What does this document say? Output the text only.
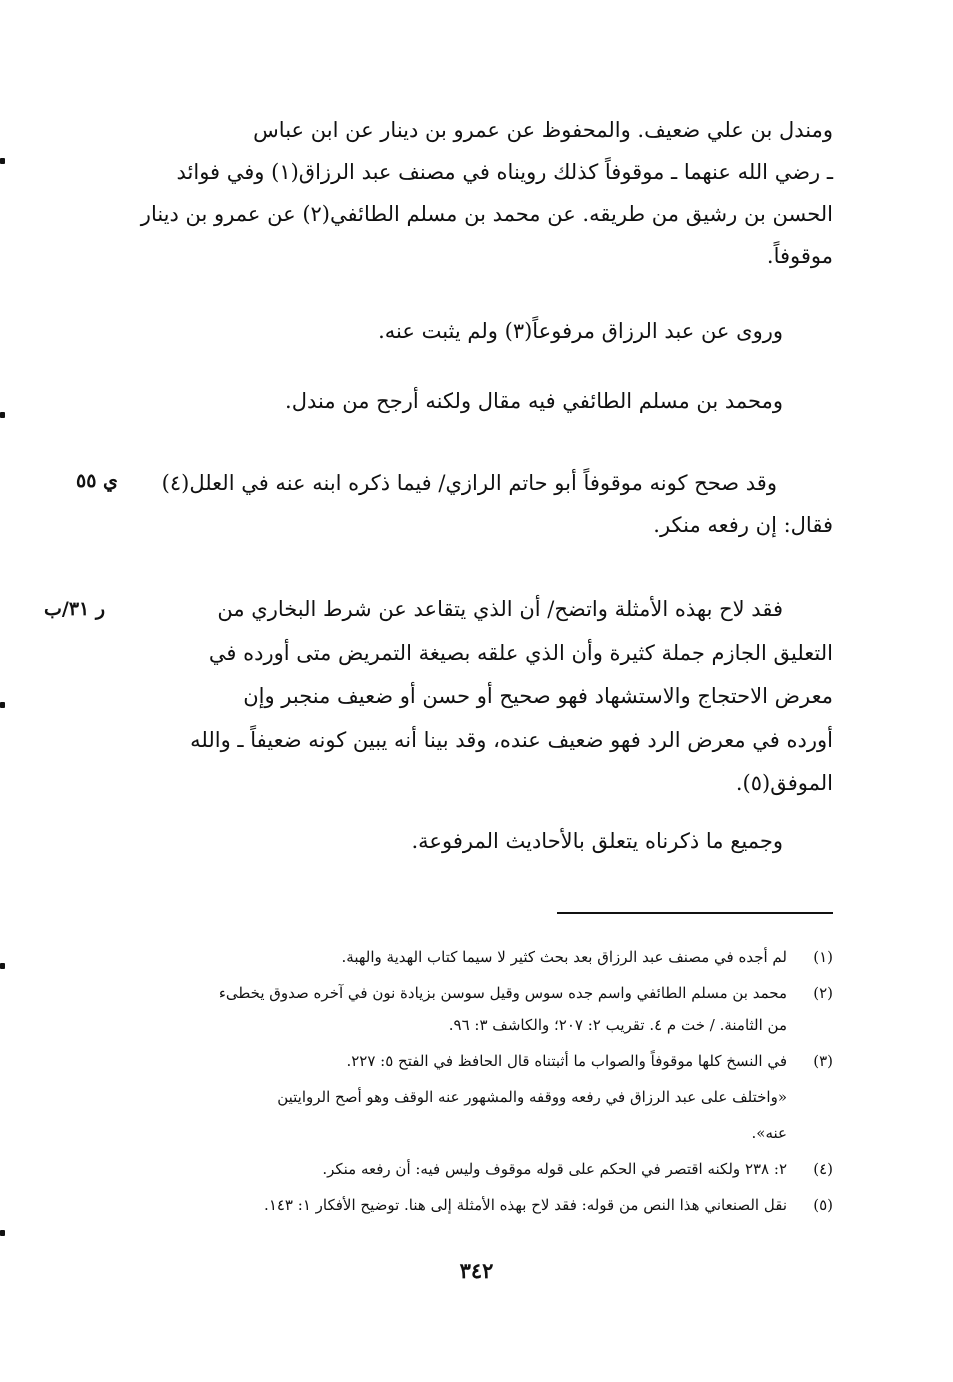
ومندل بن علي ضعيف. والمحفوظ عن عمرو بن دينار عن ابن عباس
ـ رضي الله عنهما ـ موقوفاً كذلك رويناه في مصنف عبد الرزاق(١) وفي فوائد
الحسن بن رشيق من طريقه. عن محمد بن مسلم الطائفي(٢) عن عمرو بن دينار
موقوفاً.
وروى عن عبد الرزاق مرفوعاً(٣) ولم يثبت عنه.
ومحمد بن مسلم الطائفي فيه مقال ولكنه أرجح من مندل.
وقد صحح كونه موقوفاً أبو حاتم الرازي/ فيما ذكره ابنه عنه في العلل(٤)
فقال: إن رفعه منكر.
فقد لاح بهذه الأمثلة واتضح/ أن الذي يتقاعد عن شرط البخاري من
التعليق الجازم جملة كثيرة وأن الذي علقه بصيغة التمريض متى أورده في
معرض الاحتجاج والاستشهاد فهو صحيح أو حسن أو ضعيف منجبر وإن
أورده في معرض الرد فهو ضعيف عنده، وقد بينا أنه يبين كونه ضعيفاً ـ والله
الموفق(٥).
وجميع ما ذكرناه يتعلق بالأحاديث المرفوعة.
ي ٥٥
ر ٣١/ب
(١)
لم أجده في مصنف عبد الرزاق بعد بحث كثير لا سيما كتاب الهدية والهبة.
(٢)
محمد بن مسلم الطائفي واسم جده سوس وقيل سوسن بزيادة نون في آخره صدوق يخطىء
من الثامنة. / خت م ٤. تقريب ٢: ٢٠٧؛ والكاشف ٣: ٩٦.
(٣)
في النسخ كلها موقوفاً والصواب ما أثبتناه قال الحافظ في الفتح ٥: ٢٢٧.
«واختلف على عبد الرزاق في رفعه ووقفه والمشهور عنه الوقف وهو أصح الروايتين
عنه».
(٤)
٢: ٢٣٨ ولكنه اقتصر في الحكم على قوله موقوف وليس فيه: أن رفعه منكر.
(٥)
نقل الصنعاني هذا النص من قوله: فقد لاح بهذه الأمثلة إلى هنا. توضيح الأفكار ١: ١٤٣.
٣٤٢
